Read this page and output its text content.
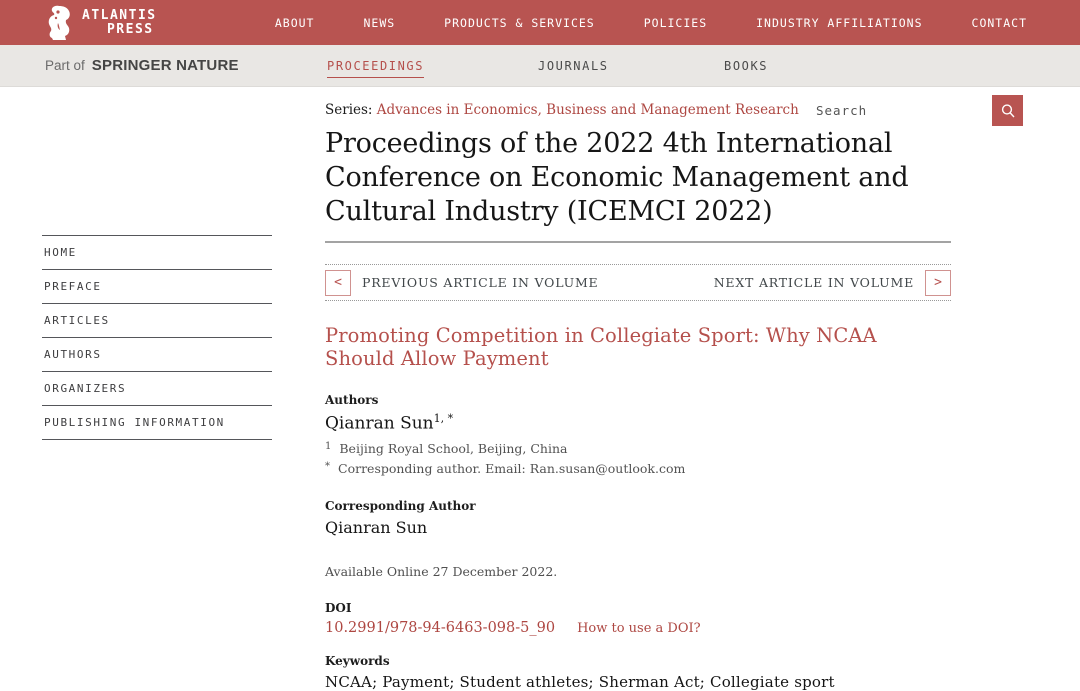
ATLANTIS
PRESS	ABOUT	NEWS	PRODUCTS & SERVICES	POLICIES	INDUSTRY AFFILIATIONS	CONTACT
Part of SPRINGER NATURE	PROCEEDINGS	JOURNALS	BOOKS
Search
HOME
PREFACE
ARTICLES
AUTHORS
ORGANIZERS
PUBLISHING INFORMATION
Series: Advances in Economics, Business and Management Research
Proceedings of the 2022 4th International Conference on Economic Management and Cultural Industry (ICEMCI 2022)
<	PREVIOUS ARTICLE IN VOLUME	NEXT ARTICLE IN VOLUME	>
Promoting Competition in Collegiate Sport: Why NCAA Should Allow Payment
Authors
Qianran Sun$^{1, *}$
$^1$ Beijing Royal School, Beijing, China
* Corresponding author. Email: Ran.susan@outlook.com
Corresponding Author
Qianran Sun
Available Online 27 December 2022.
DOI
10.2991/978-94-6463-098-5_90 How to use a DOI?
Keywords
NCAA; Payment; Student athletes; Sherman Act; Collegiate sport
